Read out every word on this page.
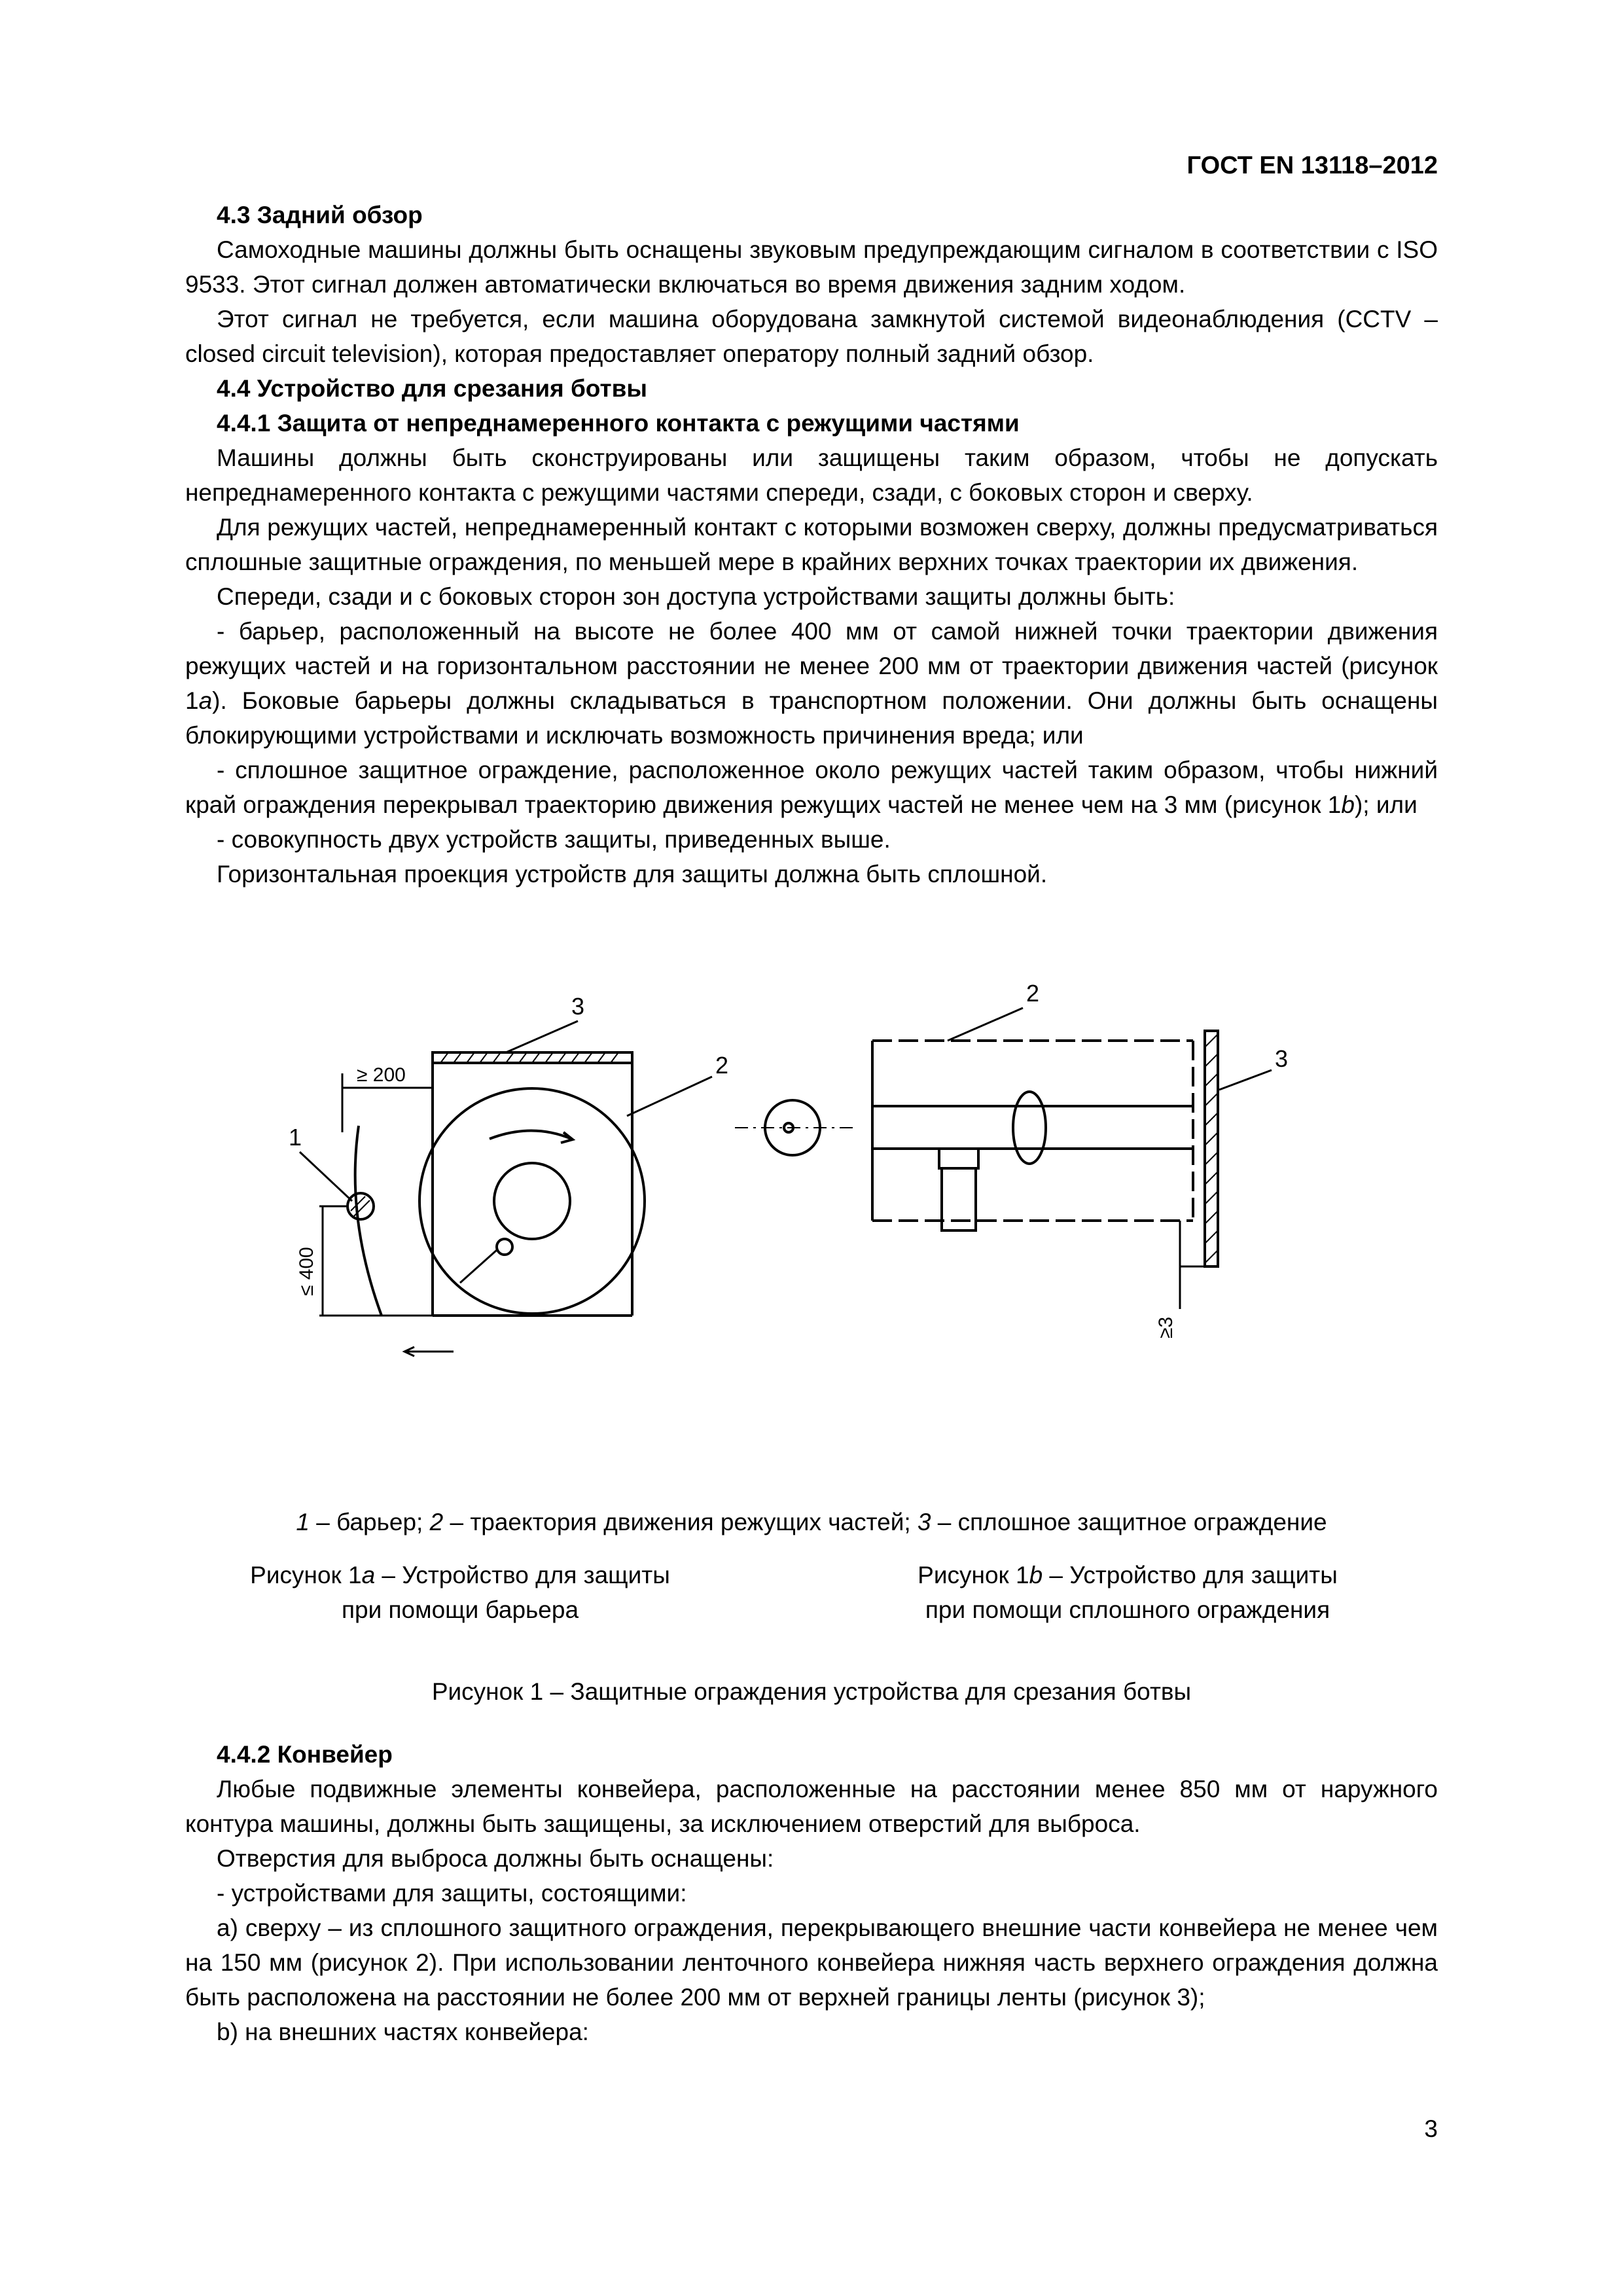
ГОСТ EN 13118–2012
4.3 Задний обзор

Самоходные машины должны быть оснащены звуковым предупреждающим сигналом в соответствии с ISO 9533. Этот сигнал должен автоматически включаться во время движения задним ходом.

Этот сигнал не требуется, если машина оборудована замкнутой системой видеонаблюдения (CCTV – closed circuit television), которая предоставляет оператору полный задний обзор.

4.4 Устройство для срезания ботвы
4.4.1 Защита от непреднамеренного контакта с режущими частями

Машины должны быть сконструированы или защищены таким образом, чтобы не допускать непреднамеренного контакта с режущими частями спереди, сзади, с боковых сторон и сверху.

Для режущих частей, непреднамеренный контакт с которыми возможен сверху, должны предусматриваться сплошные защитные ограждения, по меньшей мере в крайних верхних точках траектории их движения.

Спереди, сзади и с боковых сторон зон доступа устройствами защиты должны быть:

- барьер, расположенный на высоте не более 400 мм от самой нижней точки траектории движения режущих частей и на горизонтальном расстоянии не менее 200 мм от траектории движения частей (рисунок 1a). Боковые барьеры должны складываться в транспортном положении. Они должны быть оснащены блокирующими устройствами и исключать возможность причинения вреда; или

- сплошное защитное ограждение, расположенное около режущих частей таким образом, чтобы нижний край ограждения перекрывал траекторию движения режущих частей не менее чем на 3 мм (рисунок 1b); или

- совокупность двух устройств защиты, приведенных выше.

Горизонтальная проекция устройств для защиты должна быть сплошной.

3
2
1
≥ 200
≤ 400
2
3
≥3
1 – барьер; 2 – траектория движения режущих частей; 3 – сплошное защитное ограждение
Рисунок 1a – Устройство для защиты
при помощи барьера
Рисунок 1b – Устройство для защиты
при помощи сплошного ограждения
Рисунок 1 – Защитные ограждения устройства для срезания ботвы
4.4.2 Конвейер

Любые подвижные элементы конвейера, расположенные на расстоянии менее 850 мм от наружного контура машины, должны быть защищены, за исключением отверстий для выброса.

Отверстия для выброса должны быть оснащены:

- устройствами для защиты, состоящими:

a) сверху – из сплошного защитного ограждения, перекрывающего внешние части конвейера не менее чем на 150 мм (рисунок 2). При использовании ленточного конвейера нижняя часть верхнего ограждения должна быть расположена на расстоянии не более 200 мм от верхней границы ленты (рисунок 3);

b) на внешних частях конвейера:

3
